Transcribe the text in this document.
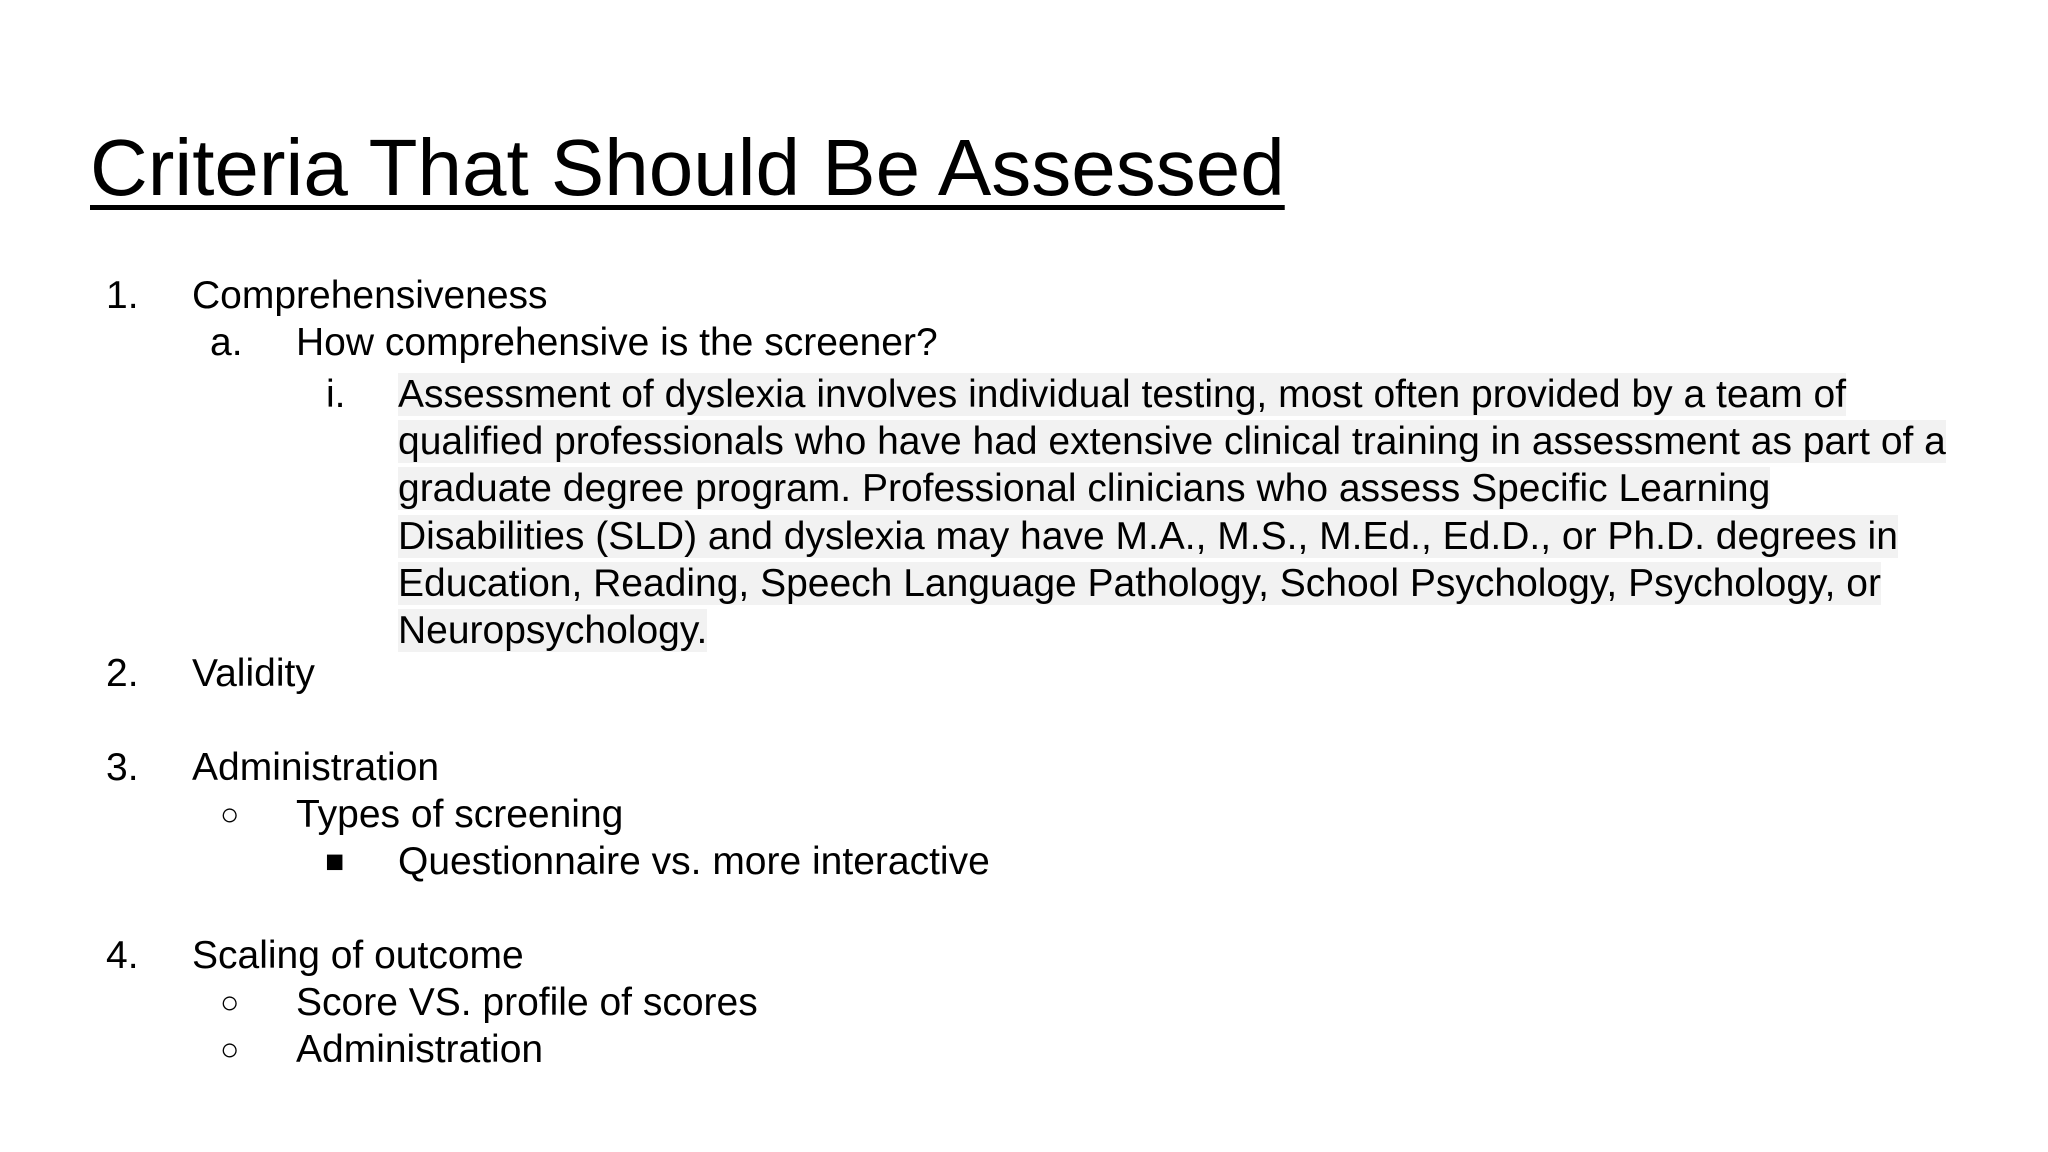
Criteria That Should Be Assessed
1. Comprehensiveness
a. How comprehensive is the screener?
i. Assessment of dyslexia involves individual testing, most often provided by a team of
qualified professionals who have had extensive clinical training in assessment as part of a
graduate degree program. Professional clinicians who assess Specific Learning
Disabilities (SLD) and dyslexia may have M.A., M.S., M.Ed., Ed.D., or Ph.D. degrees in
Education, Reading, Speech Language Pathology, School Psychology, Psychology, or
Neuropsychology.
2. Validity
3. Administration
○ Types of screening
■ Questionnaire vs. more interactive
4. Scaling of outcome
○ Score VS. profile of scores
○ Administration
